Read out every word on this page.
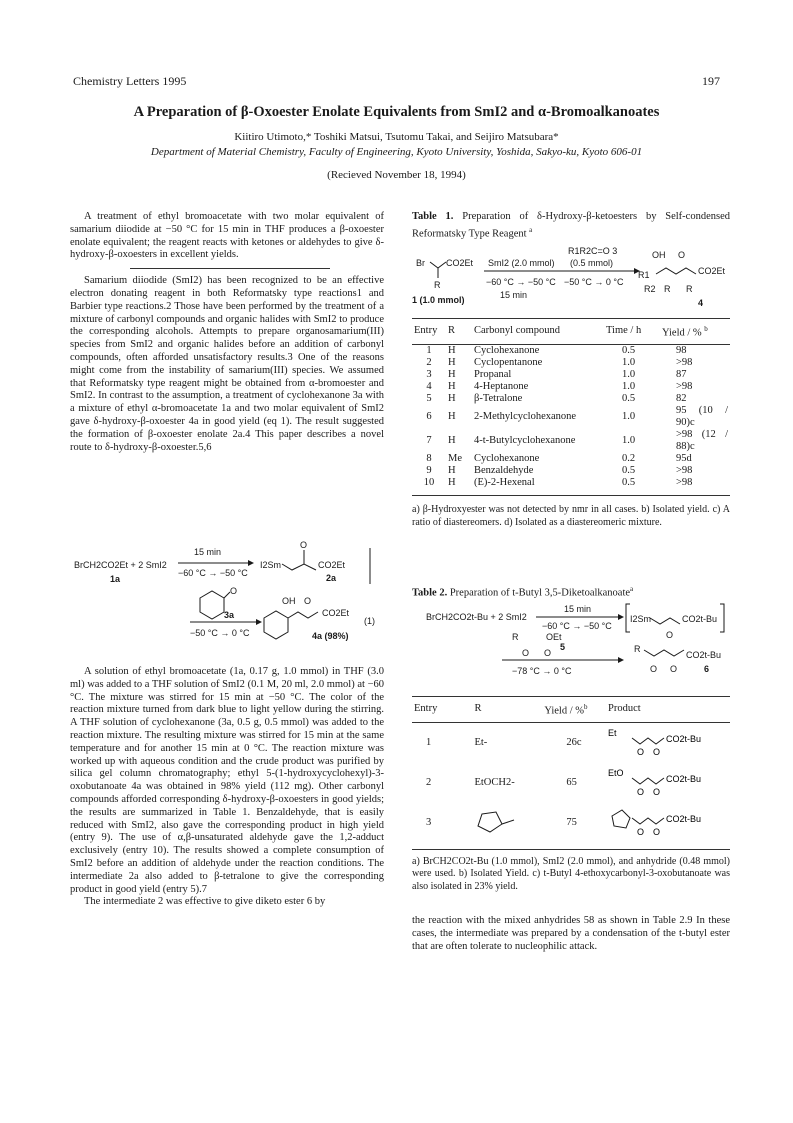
Chemistry Letters 1995	197
A Preparation of β-Oxoester Enolate Equivalents from SmI2 and α-Bromoalkanoates
Kiitiro Utimoto,* Toshiki Matsui, Tsutomu Takai, and Seijiro Matsubara*
Department of Material Chemistry, Faculty of Engineering, Kyoto University, Yoshida, Sakyo-ku, Kyoto 606-01
(Recieved November 18, 1994)

A treatment of ethyl bromoacetate with two molar equivalent of samarium diiodide at −50 °C for 15 min in THF produces a β-oxoester enolate equivalent; the reagent reacts with ketones or aldehydes to give δ-hydroxy-β-oxoesters in excellent yields.

Samarium diiodide (SmI2) has been recognized to be an effective electron donating reagent in both Reformatsky type reactions1 and Barbier type reactions.2 Those have been performed by the treatment of a mixture of carbonyl compounds and organic halides with SmI2 to produce the corresponding alcohols. Attempts to prepare organosamarium(III) species from SmI2 and organic halides before an addition of carbonyl compounds, often afforded unsatisfactory results.3 One of the reasons might come from the instability of samarium(III) species. We assumed that Reformatsky type reagent might be obtained from α-bromoester and SmI2. In contrast to the assumption, a treatment of cyclohexanone 3a with a mixture of ethyl α-bromoacetate 1a and two molar equivalent of SmI2 gave δ-hydroxy-β-oxoester 4a in good yield (eq 1). The result suggested the formation of β-oxoester enolate 2a.4 This paper describes a novel route to δ-hydroxy-β-oxoester.5,6

BrCH2CO2Et + 2 SmI2
1a
15 min
−60 °C → −50 °C
I2Sm
O
CO2Et
2a
O
3a
−50 °C → 0 °C
OH O
CO2Et
(1)
4a (98%)

A solution of ethyl bromoacetate (1a, 0.17 g, 1.0 mmol) in THF (3.0 ml) was added to a THF solution of SmI2 (0.1 M, 20 ml, 2.0 mmol) at −60 °C. The mixture was stirred for 15 min at −50 °C. The color of the reaction mixture turned from dark blue to light yellow during the stirring. A THF solution of cyclohexanone (3a, 0.5 g, 0.5 mmol) was added to the reaction mixture. The resulting mixture was stirred for 15 min at the same temperature and for another 15 min at 0 °C. The reaction mixture was worked up with aqueous condition and the crude product was purified by silica gel column chromatography; ethyl 5-(1-hydroxycyclohexyl)-3-oxobutanoate 4a was obtained in 98% yield (112 mg). Other carbonyl compounds afforded corresponding δ-hydroxy-β-oxoesters in good yields; the results are summarized in Table 1. Benzaldehyde, that is easily reduced with SmI2, also gave the corresponding product in high yield (entry 9). The use of α,β-unsaturated aldehyde gave the 1,2-adduct exclusively (entry 10). The results showed a complete consumption of SmI2 before an addition of aldehyde under the reaction conditions. The intermediate 2a also added to β-tetralone to give the corresponding product in good yield (entry 5).7

The intermediate 2 was effective to give diketo ester 6 by

Table 1. Preparation of δ-Hydroxy-β-ketoesters by Self-condensed Reformatsky Type Reagent $^a$
Br CO2Et
R
1 (1.0 mmol)
SmI2 (2.0 mmol)
R1R2C=O 3
(0.5 mmol)
−60 °C → −50 °C −50 °C → 0 °C
15 min
R1
OH O
CO2Et
R2 R R
4
Entry	R	Carbonyl compound	Time / h	Yield / % $^b$
1	H	Cyclohexanone	0.5	98
2	H	Cyclopentanone	1.0	>98
3	H	Propanal	1.0	87
4	H	4-Heptanone	1.0	>98
5	H	β-Tetralone	0.5	82
6	H	2-Methylcyclohexanone	1.0	95 (10 / 90)c
7	H	4-t-Butylcyclohexanone	1.0	>98 (12 / 88)c
8	Me	Cyclohexanone	0.2	95d
9	H	Benzaldehyde	0.5	>98
10	H	(E)-2-Hexenal	0.5	>98
a) β-Hydroxyester was not detected by nmr in all cases. b) Isolated yield. c) A ratio of diastereomers. d) Isolated as a diastereomeric mixture.
Table 2. Preparation of t-Butyl 3,5-Diketoalkanoate$^a$
BrCH2CO2t-Bu + 2 SmI2
15 min
−60 °C → −50 °C
I2Sm	CO2t-Bu
O
R	OEt
O O
5
−78 °C → 0 °C
R
CO2t-Bu
O O	6
Entry	R	Yield / %$^b$	Product
1	Et-	26c	Et
CO2t-Bu
O O

2	EtOCH2-	65	EtO
CO2t-Bu
O O

3		75	CO2t-Bu
O O
a) BrCH2CO2t-Bu (1.0 mmol), SmI2 (2.0 mmol), and anhydride (0.48 mmol) were used. b) Isolated Yield. c) t-Butyl 4-ethoxycarbonyl-3-oxobutanoate was also isolated in 23% yield.

the reaction with the mixed anhydrides 58 as shown in Table 2.9 In these cases, the intermediate was prepared by a condensation of the t-butyl ester that are often tolerate to nucleophilic attack.
